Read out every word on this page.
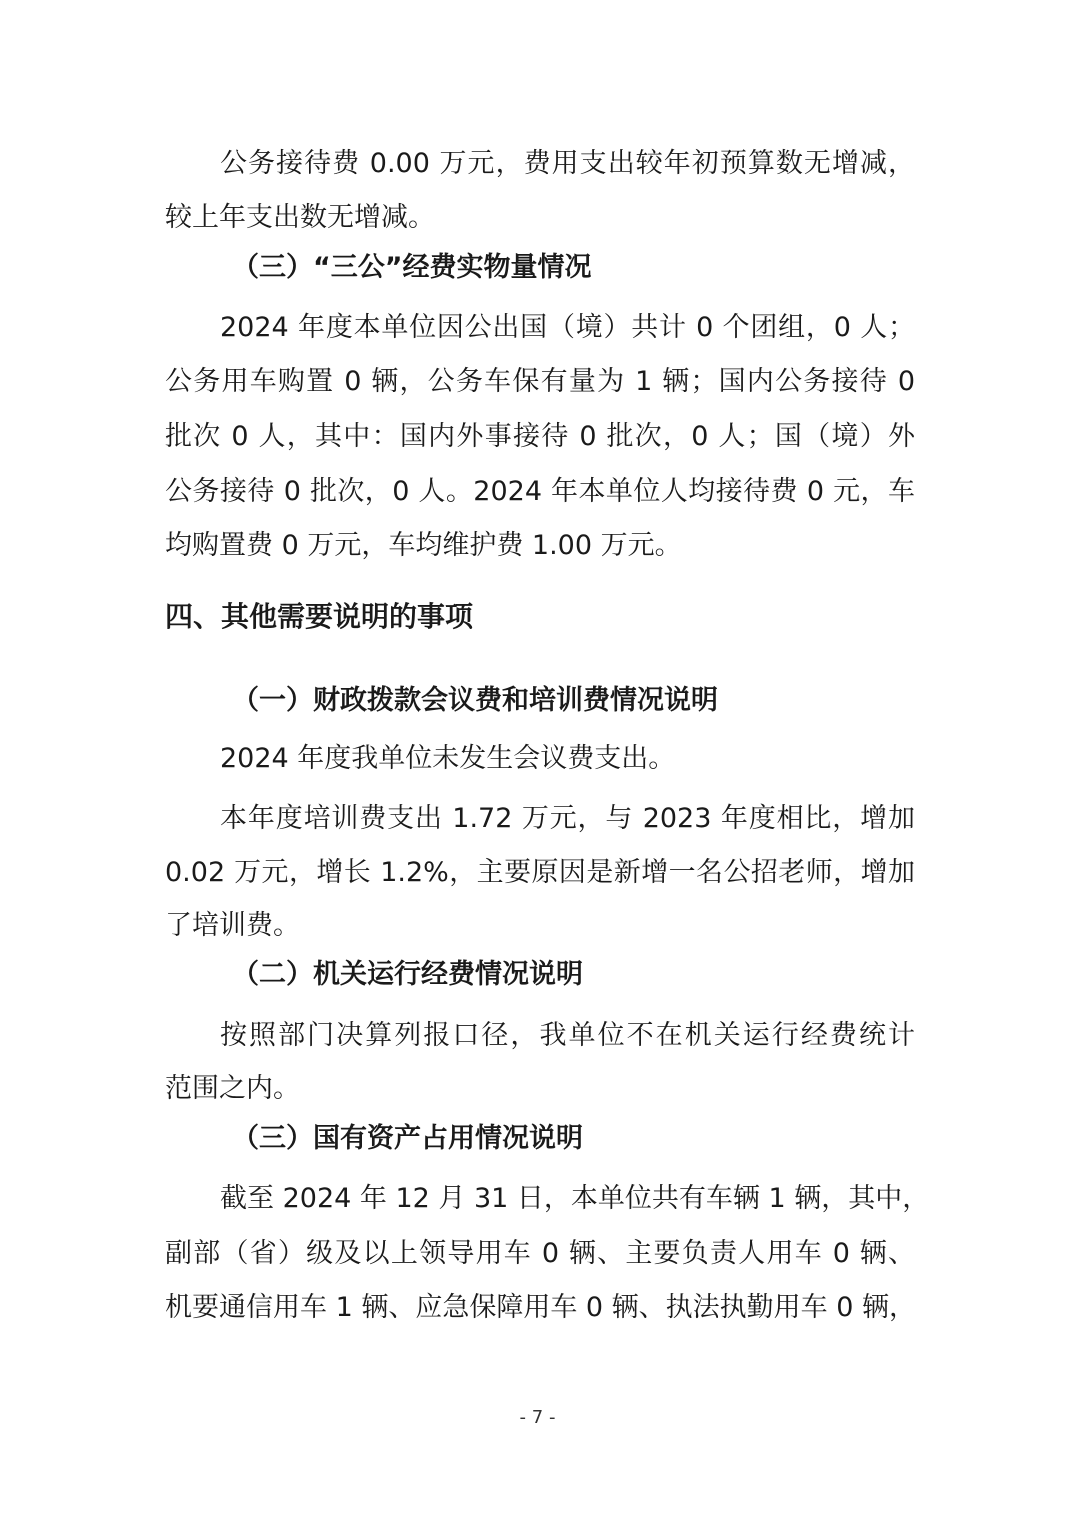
公务接待费 0.00 万元，费用支出较年初预算数无增减，
较上年支出数无增减。
（三）“三公”经费实物量情况
2024 年度本单位因公出国（境）共计 0 个团组，0 人；
公务用车购置 0 辆，公务车保有量为 1 辆；国内公务接待 0
批次 0 人，其中：国内外事接待 0 批次，0 人；国（境）外
公务接待 0 批次，0 人。2024 年本单位人均接待费 0 元，车
均购置费 0 万元，车均维护费 1.00 万元。
四、其他需要说明的事项
（一）财政拨款会议费和培训费情况说明
2024 年度我单位未发生会议费支出。
本年度培训费支出 1.72 万元，与 2023 年度相比，增加
0.02 万元，增长 1.2%，主要原因是新增一名公招老师，增加
了培训费。
（二）机关运行经费情况说明
按照部门决算列报口径，我单位不在机关运行经费统计
范围之内。
（三）国有资产占用情况说明
截至 2024 年 12 月 31 日，本单位共有车辆 1 辆，其中，
副部（省）级及以上领导用车 0 辆、主要负责人用车 0 辆、
机要通信用车 1 辆、应急保障用车 0 辆、执法执勤用车 0 辆，
- 7 -
